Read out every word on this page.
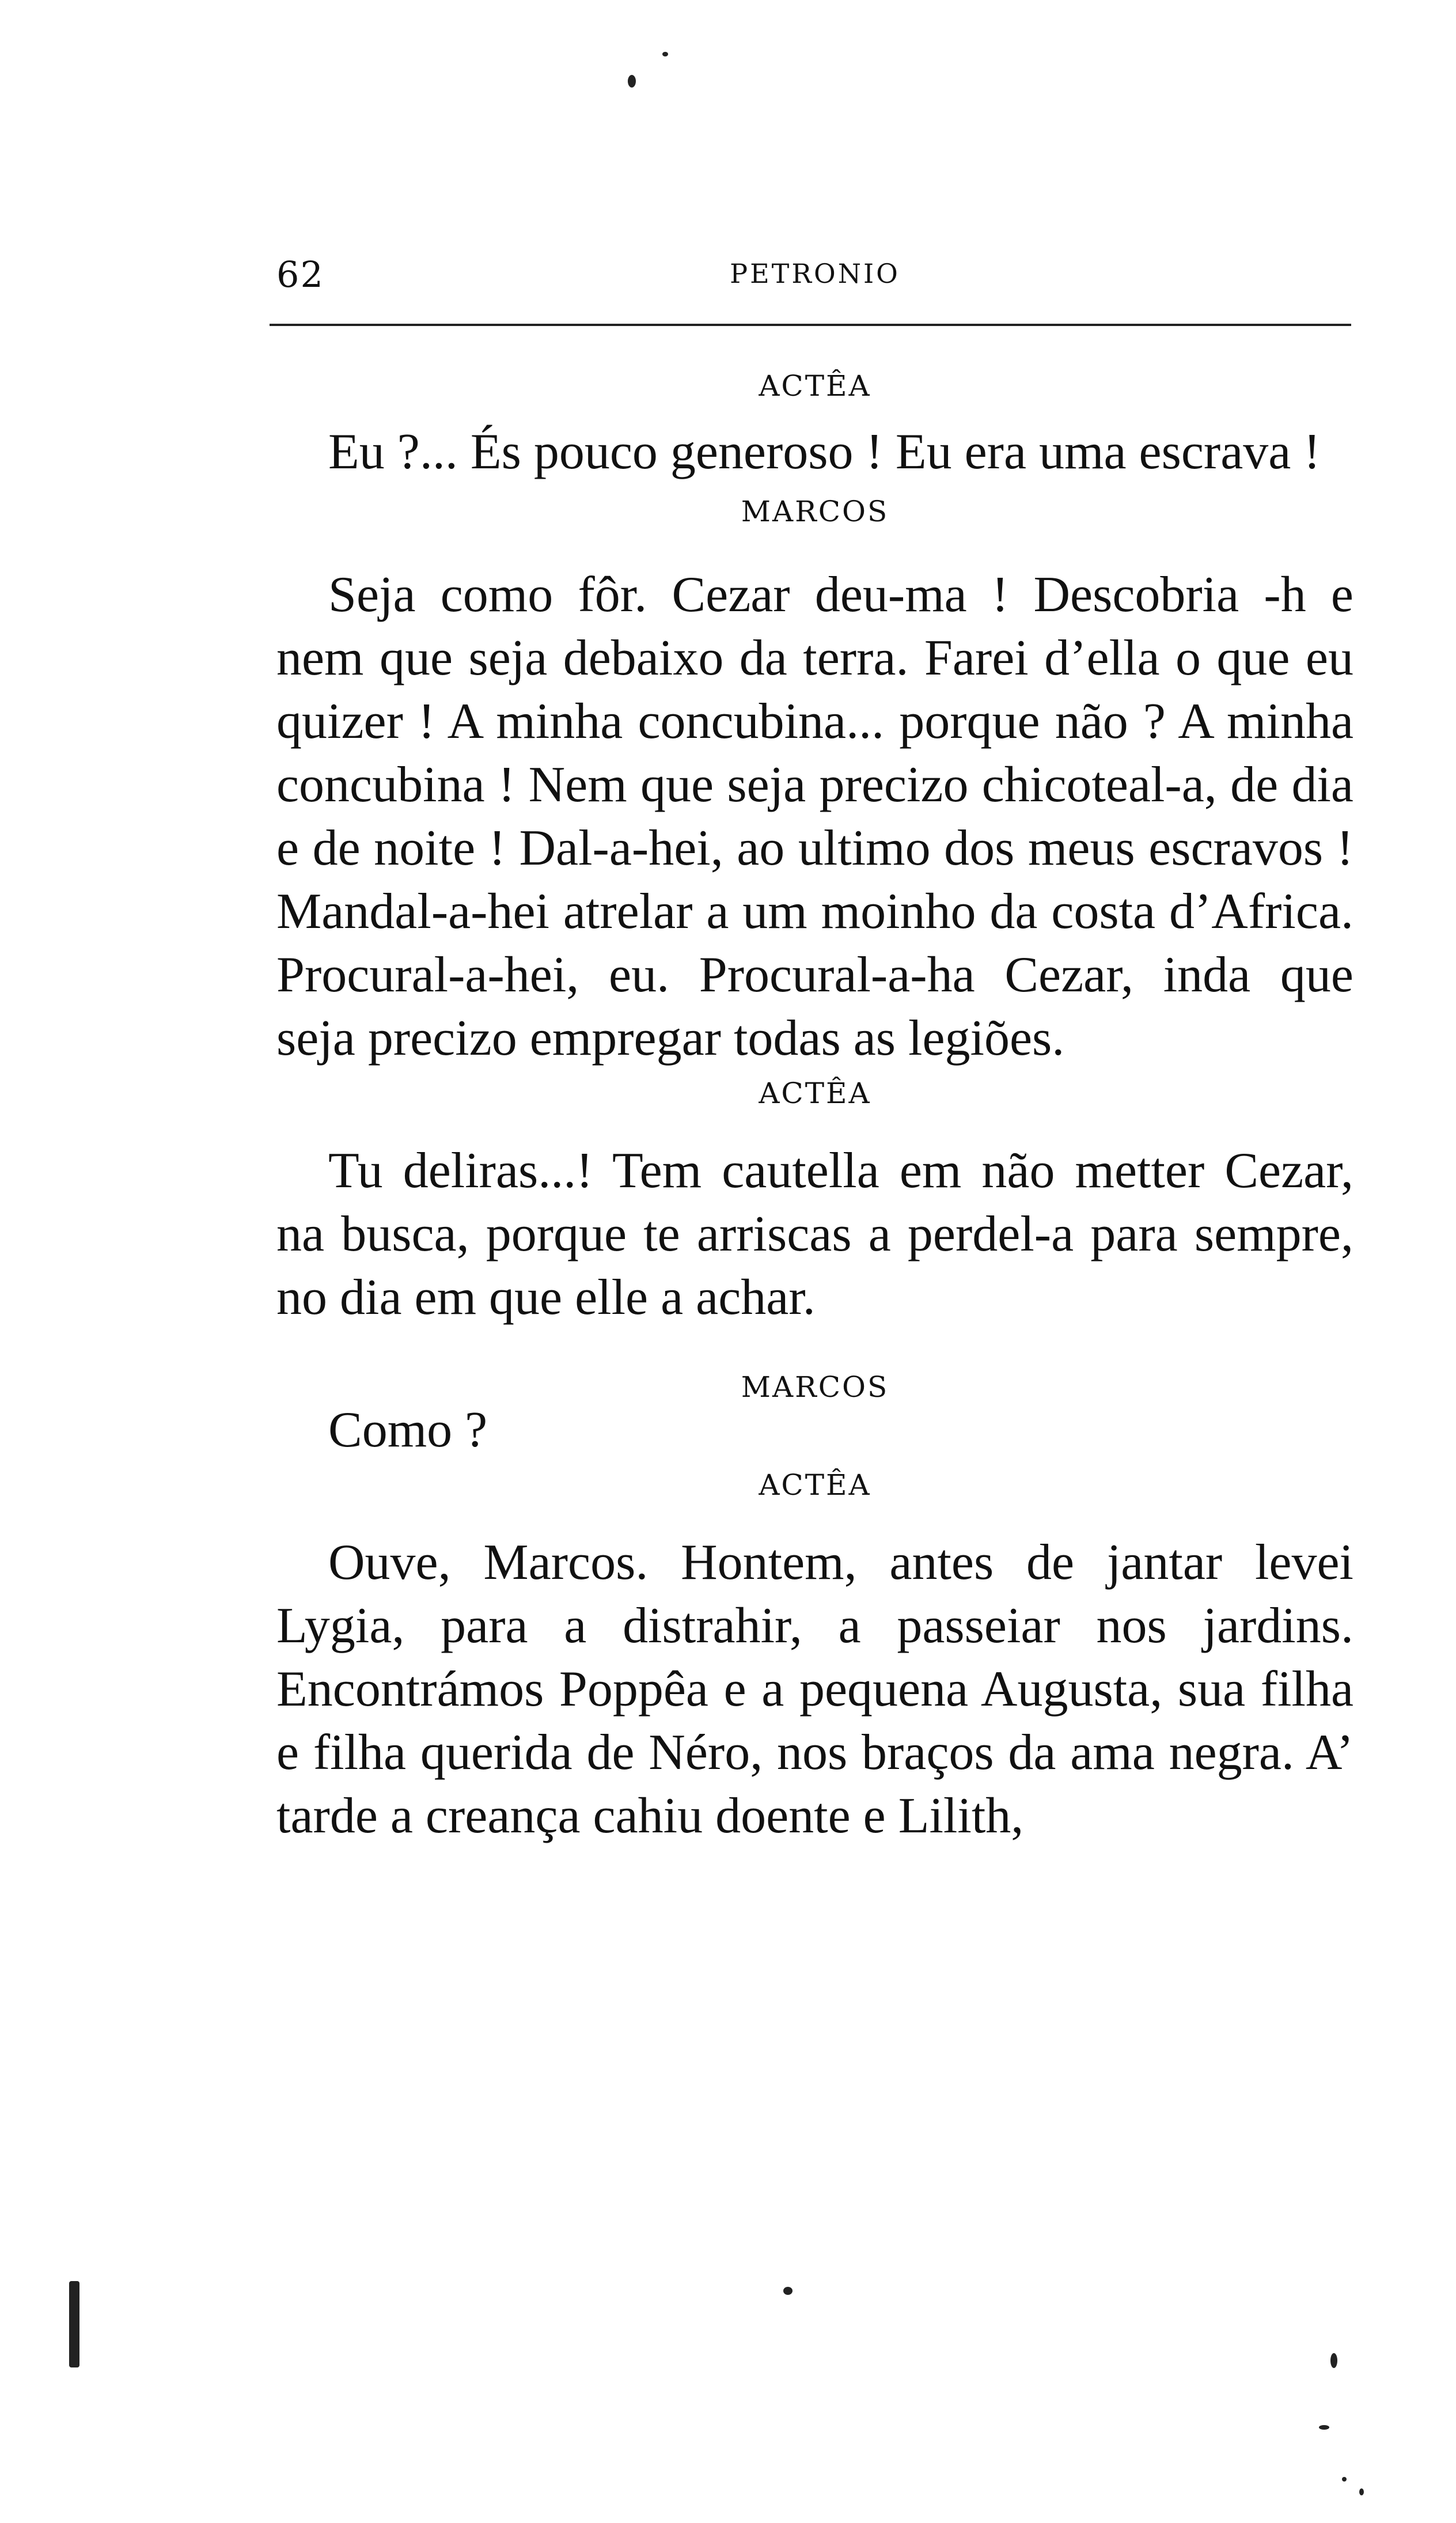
62	PETRONIO

ACTÊA

Eu ?... És pouco generoso ! Eu era uma escrava !

MARCOS

Seja como fôr. Cezar deu-ma ! Descobria -h e nem que seja debaixo da terra. Farei d’ella o que eu quizer ! A minha concubina... porque não ? A minha concubina ! Nem que seja precizo chicoteal-a, de dia e de noite ! Dal-a-hei, ao ultimo dos meus escravos ! Mandal-a-hei atrelar a um moinho da costa d’Africa. Procural-a-hei, eu. Procural-a-ha Cezar, inda que seja precizo empregar todas as legiões.

ACTÊA

Tu deliras...! Tem cautella em não metter Cezar, na busca, porque te arriscas a perdel-a para sempre, no dia em que elle a achar.

MARCOS

Como ?

ACTÊA

Ouve, Marcos. Hontem, antes de jantar levei Lygia, para a distrahir, a passeiar nos jardins. Encontrámos Poppêa e a pequena Augusta, sua filha e filha querida de Néro, nos braços da ama negra. A’ tarde a creança cahiu doente e Lilith,
